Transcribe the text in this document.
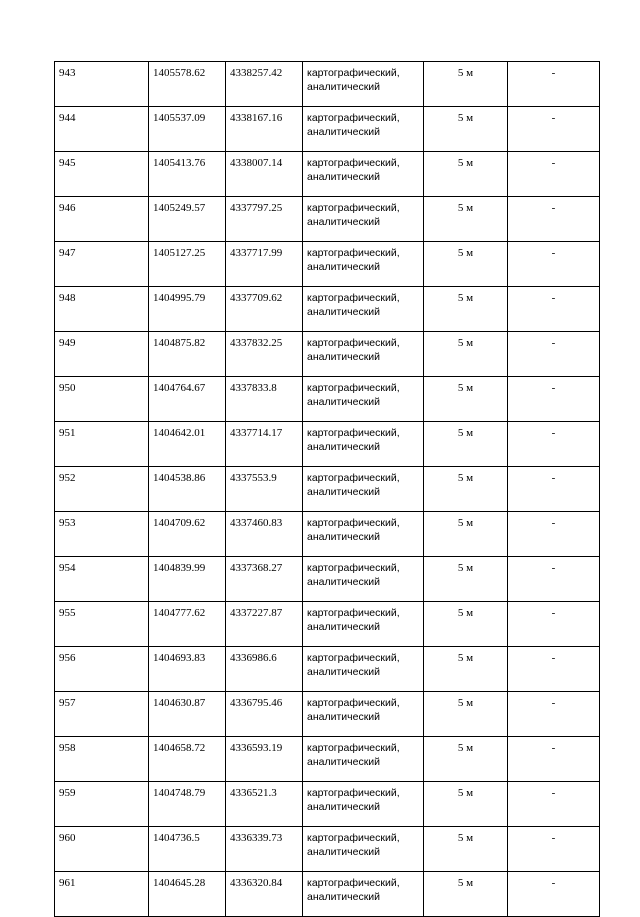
943	1405578.62	4338257.42	картографический, аналитический	5 м	-
944	1405537.09	4338167.16	картографический, аналитический	5 м	-
945	1405413.76	4338007.14	картографический, аналитический	5 м	-
946	1405249.57	4337797.25	картографический, аналитический	5 м	-
947	1405127.25	4337717.99	картографический, аналитический	5 м	-
948	1404995.79	4337709.62	картографический, аналитический	5 м	-
949	1404875.82	4337832.25	картографический, аналитический	5 м	-
950	1404764.67	4337833.8	картографический, аналитический	5 м	-
951	1404642.01	4337714.17	картографический, аналитический	5 м	-
952	1404538.86	4337553.9	картографический, аналитический	5 м	-
953	1404709.62	4337460.83	картографический, аналитический	5 м	-
954	1404839.99	4337368.27	картографический, аналитический	5 м	-
955	1404777.62	4337227.87	картографический, аналитический	5 м	-
956	1404693.83	4336986.6	картографический, аналитический	5 м	-
957	1404630.87	4336795.46	картографический, аналитический	5 м	-
958	1404658.72	4336593.19	картографический, аналитический	5 м	-
959	1404748.79	4336521.3	картографический, аналитический	5 м	-
960	1404736.5	4336339.73	картографический, аналитический	5 м	-
961	1404645.28	4336320.84	картографический, аналитический	5 м	-
